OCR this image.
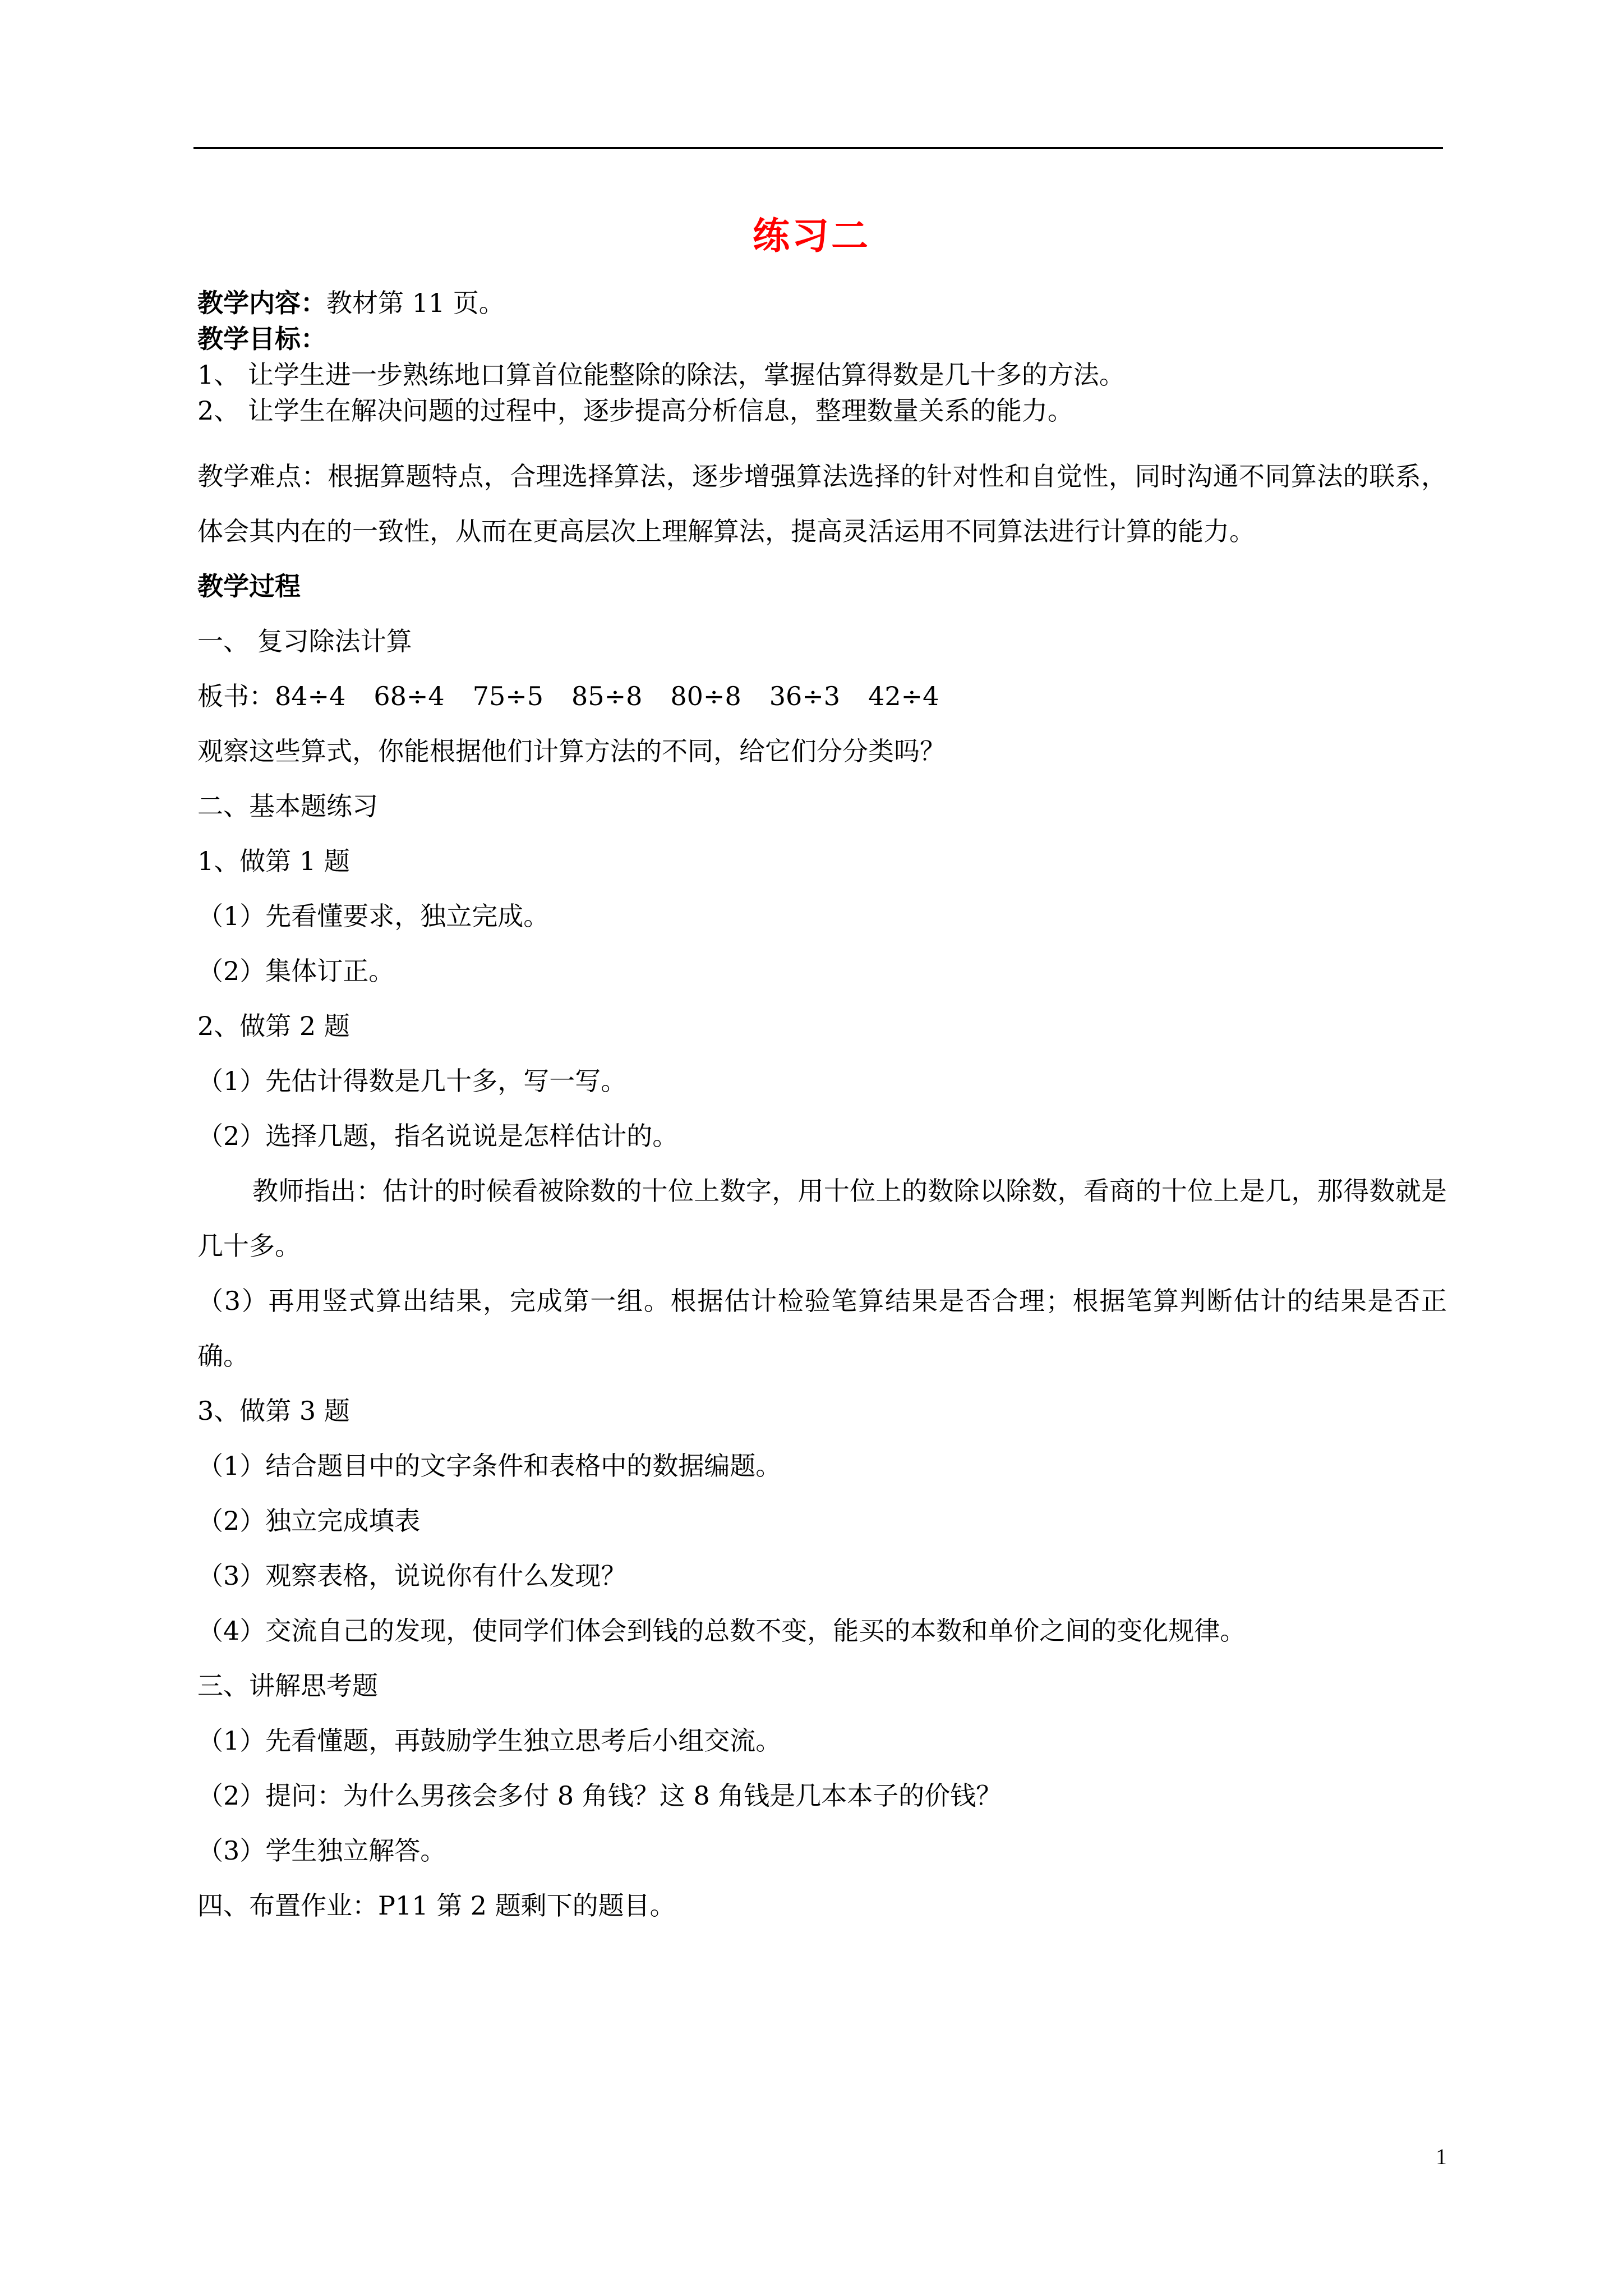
练习二
教学内容：教材第 11 页。
教学目标：
1、 让学生进一步熟练地口算首位能整除的除法，掌握估算得数是几十多的方法。
2、 让学生在解决问题的过程中，逐步提高分析信息，整理数量关系的能力。
教学难点：根据算题特点，合理选择算法，逐步增强算法选择的针对性和自觉性，同时沟通不同算法的联系，体会其内在的一致性，从而在更高层次上理解算法，提高灵活运用不同算法进行计算的能力。
教学过程
一、 复习除法计算
板书：84÷4 68÷4 75÷5 85÷8 80÷8 36÷3 42÷4
观察这些算式，你能根据他们计算方法的不同，给它们分分类吗？
二、基本题练习
1、做第 1 题
（1）先看懂要求，独立完成。
（2）集体订正。
2、做第 2 题
（1）先估计得数是几十多，写一写。
（2）选择几题，指名说说是怎样估计的。
教师指出：估计的时候看被除数的十位上数字，用十位上的数除以除数，看商的十位上是几，那得数就是几十多。
（3）再用竖式算出结果，完成第一组。根据估计检验笔算结果是否合理；根据笔算判断估计的结果是否正确。
3、做第 3 题
（1）结合题目中的文字条件和表格中的数据编题。
（2）独立完成填表
（3）观察表格，说说你有什么发现？
（4）交流自己的发现，使同学们体会到钱的总数不变，能买的本数和单价之间的变化规律。
三、讲解思考题
（1）先看懂题，再鼓励学生独立思考后小组交流。
（2）提问：为什么男孩会多付 8 角钱？这 8 角钱是几本本子的价钱？
（3）学生独立解答。
四、布置作业：P11 第 2 题剩下的题目。
1
